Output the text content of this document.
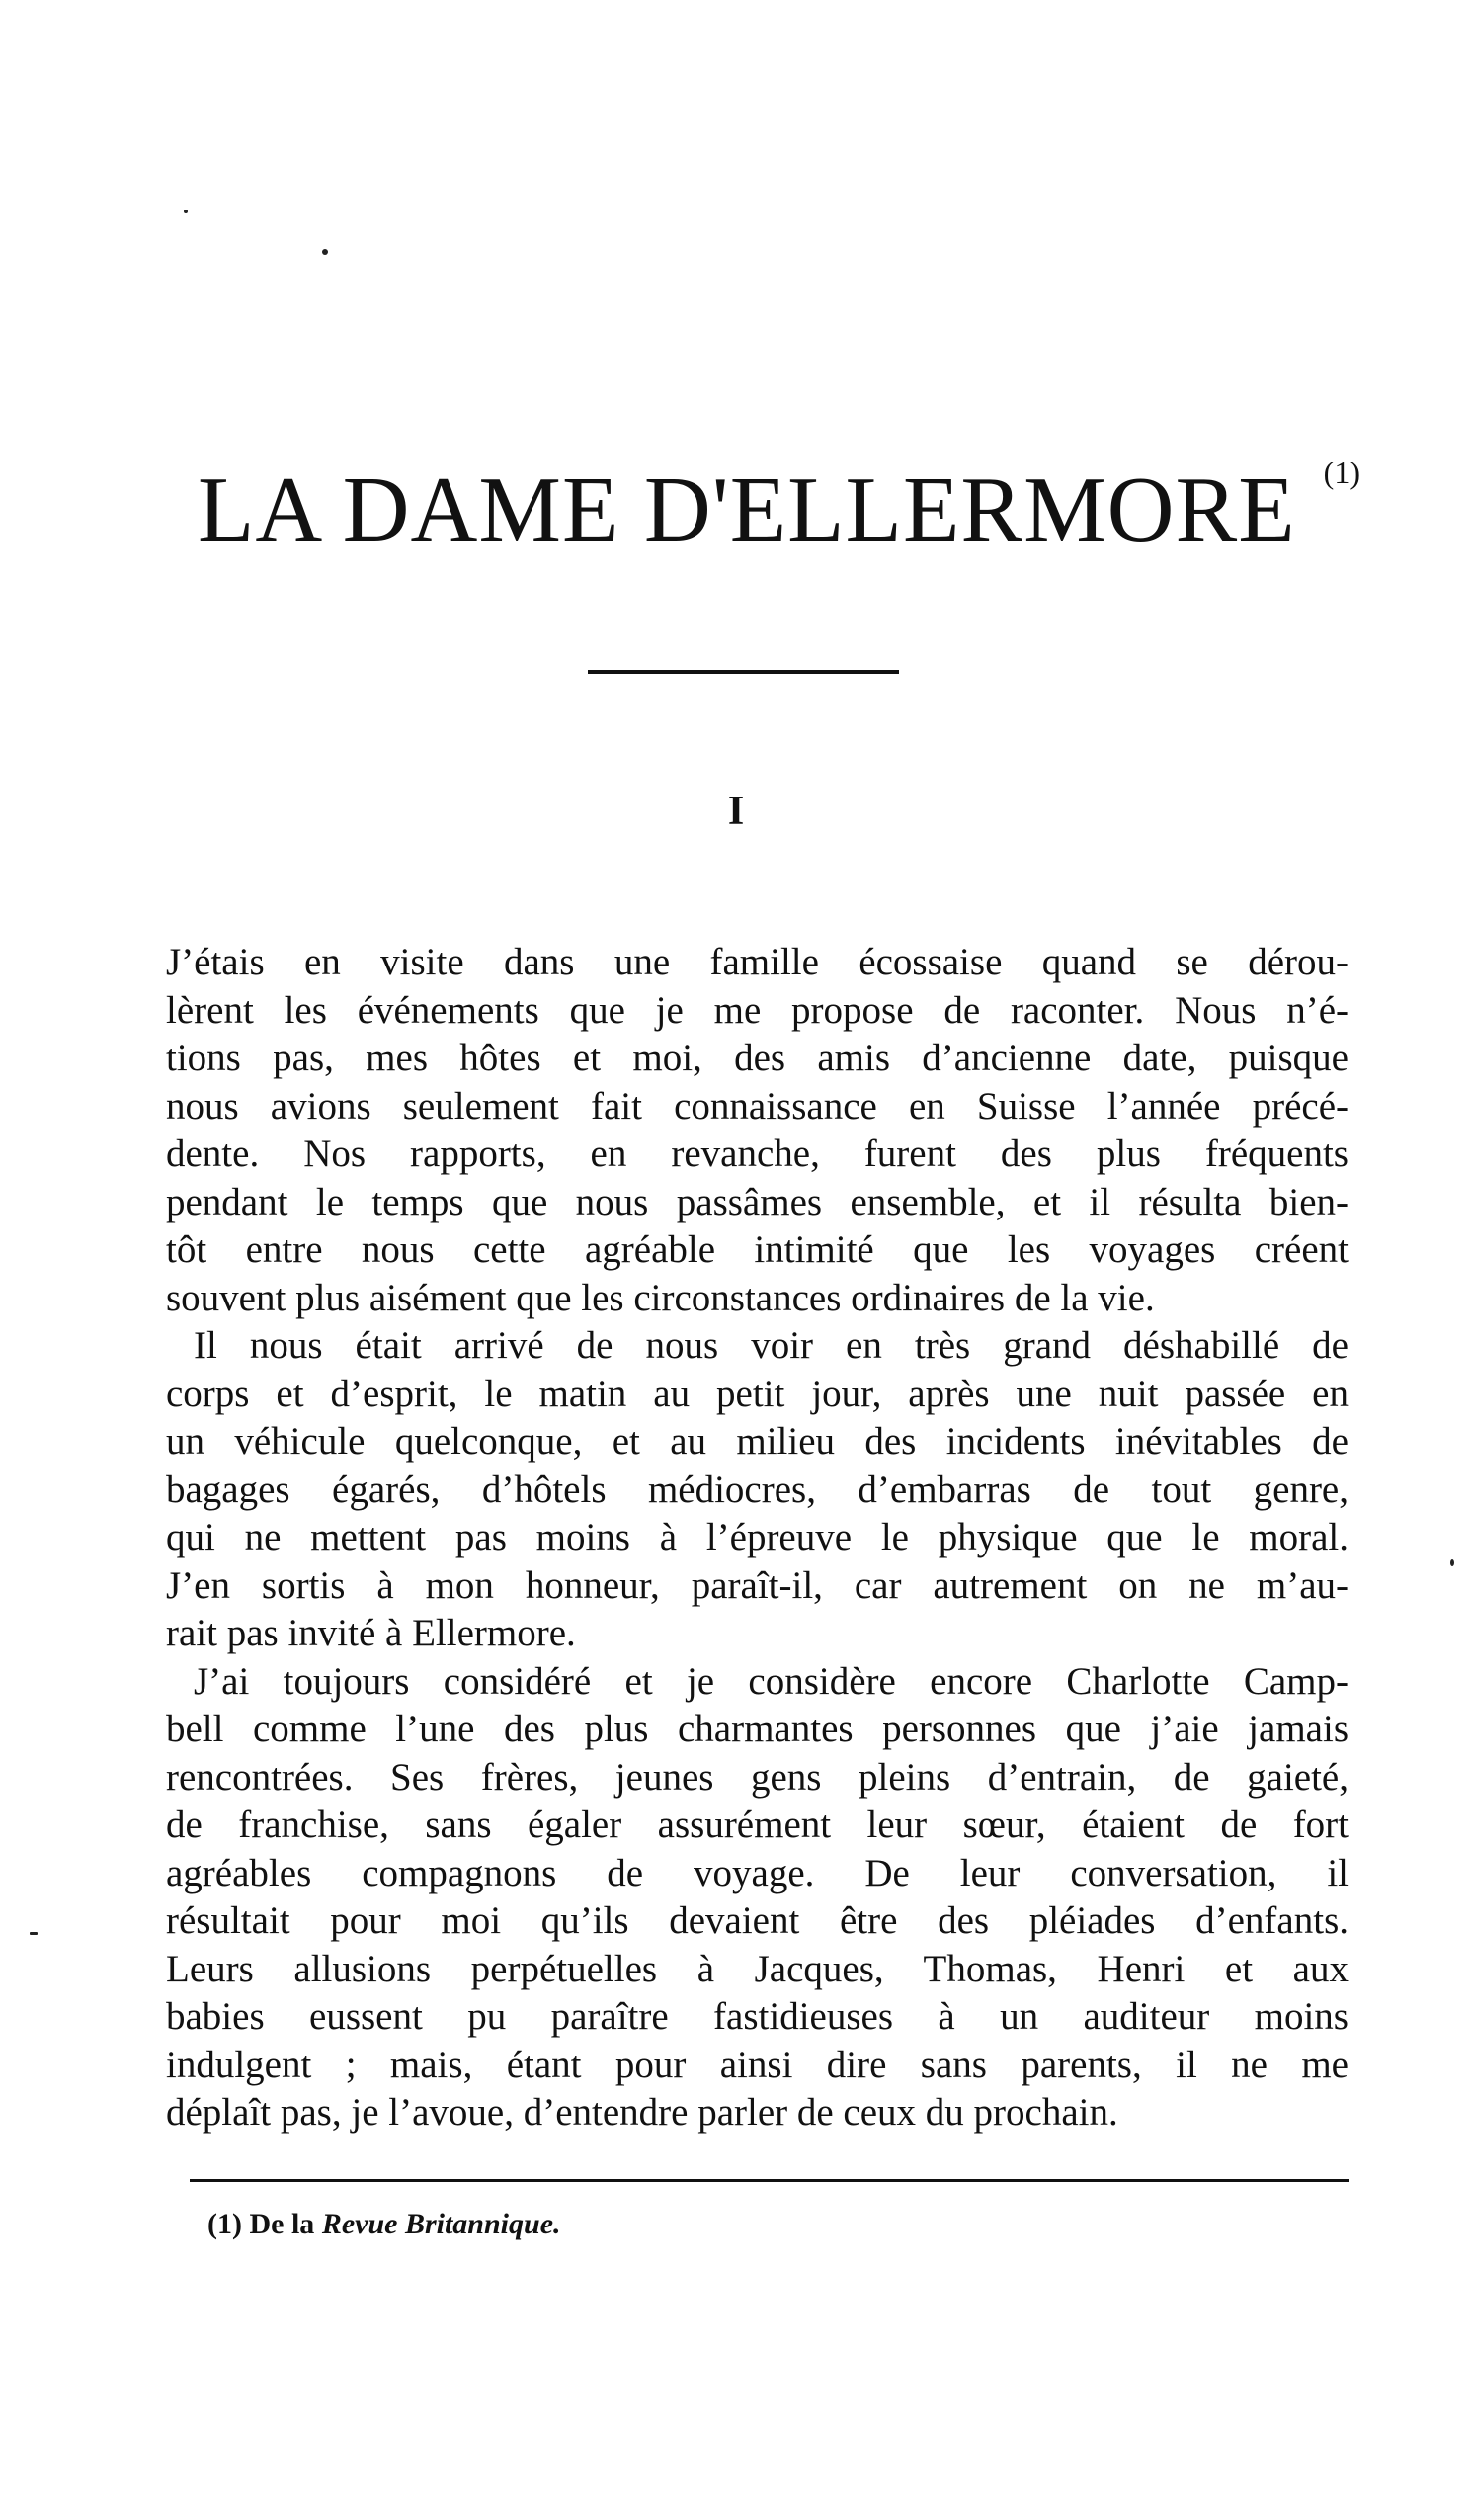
LA DAME D'ELLERMORE $^{(1)}$
I
J’étais en visite dans une famille écossaise quand se dérou-
lèrent les événements que je me propose de raconter. Nous n’é-
tions pas, mes hôtes et moi, des amis d’ancienne date, puisque
nous avions seulement fait connaissance en Suisse l’année précé-
dente. Nos rapports, en revanche, furent des plus fréquents
pendant le temps que nous passâmes ensemble, et il résulta bien-
tôt entre nous cette agréable intimité que les voyages créent
souvent plus aisément que les circonstances ordinaires de la vie.
Il nous était arrivé de nous voir en très grand déshabillé de
corps et d’esprit, le matin au petit jour, après une nuit passée en
un véhicule quelconque, et au milieu des incidents inévitables de
bagages égarés, d’hôtels médiocres, d’embarras de tout genre,
qui ne mettent pas moins à l’épreuve le physique que le moral.
J’en sortis à mon honneur, paraît-il, car autrement on ne m’au-
rait pas invité à Ellermore.
J’ai toujours considéré et je considère encore Charlotte Camp-
bell comme l’une des plus charmantes personnes que j’aie jamais
rencontrées. Ses frères, jeunes gens pleins d’entrain, de gaieté,
de franchise, sans égaler assurément leur sœur, étaient de fort
agréables compagnons de voyage. De leur conversation, il
résultait pour moi qu’ils devaient être des pléiades d’enfants.
Leurs allusions perpétuelles à Jacques, Thomas, Henri et aux
babies eussent pu paraître fastidieuses à un auditeur moins
indulgent ; mais, étant pour ainsi dire sans parents, il ne me
déplaît pas, je l’avoue, d’entendre parler de ceux du prochain.
(1) De la Revue Britannique.
